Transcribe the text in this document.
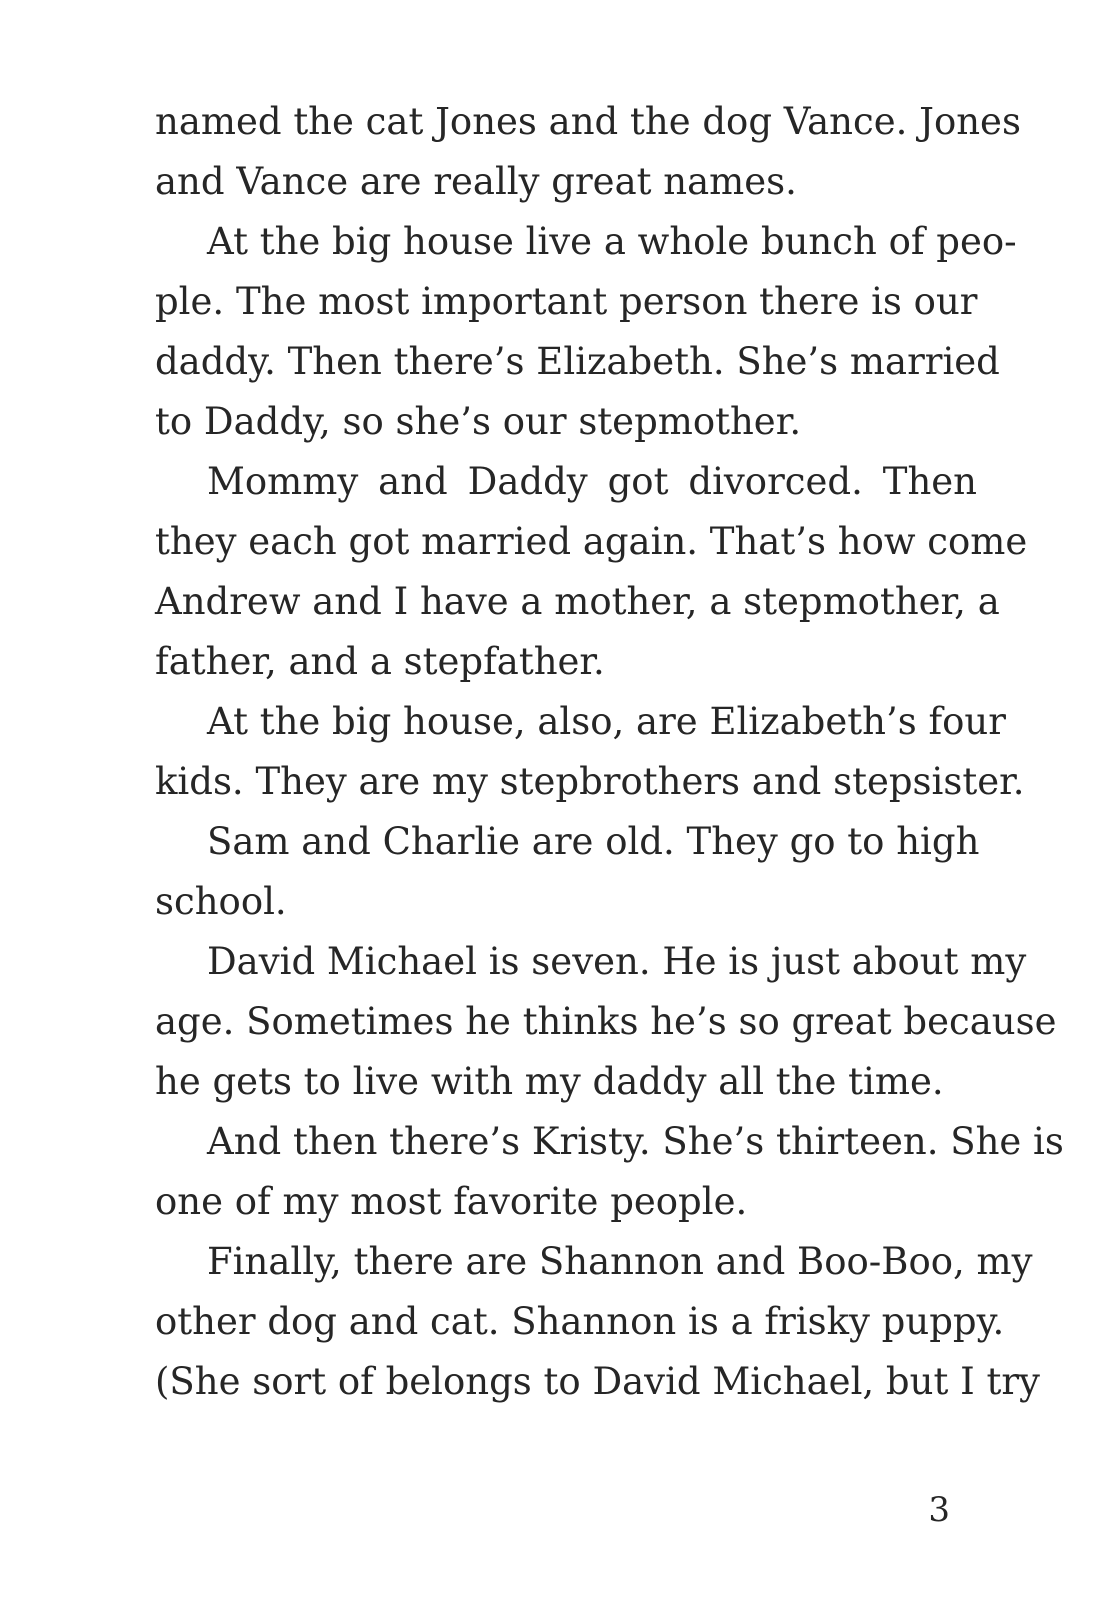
named the cat Jones and the dog Vance. Jones
and Vance are really great names.
At the big house live a whole bunch of peo-
ple. The most important person there is our
daddy. Then there’s Elizabeth. She’s married
to Daddy, so she’s our stepmother.
Mommy and Daddy got divorced. Then
they each got married again. That’s how come
Andrew and I have a mother, a stepmother, a
father, and a stepfather.
At the big house, also, are Elizabeth’s four
kids. They are my stepbrothers and stepsister.
Sam and Charlie are old. They go to high
school.
David Michael is seven. He is just about my
age. Sometimes he thinks he’s so great because
he gets to live with my daddy all the time.
And then there’s Kristy. She’s thirteen. She is
one of my most favorite people.
Finally, there are Shannon and Boo-Boo, my
other dog and cat. Shannon is a frisky puppy.
(She sort of belongs to David Michael, but I try
3
